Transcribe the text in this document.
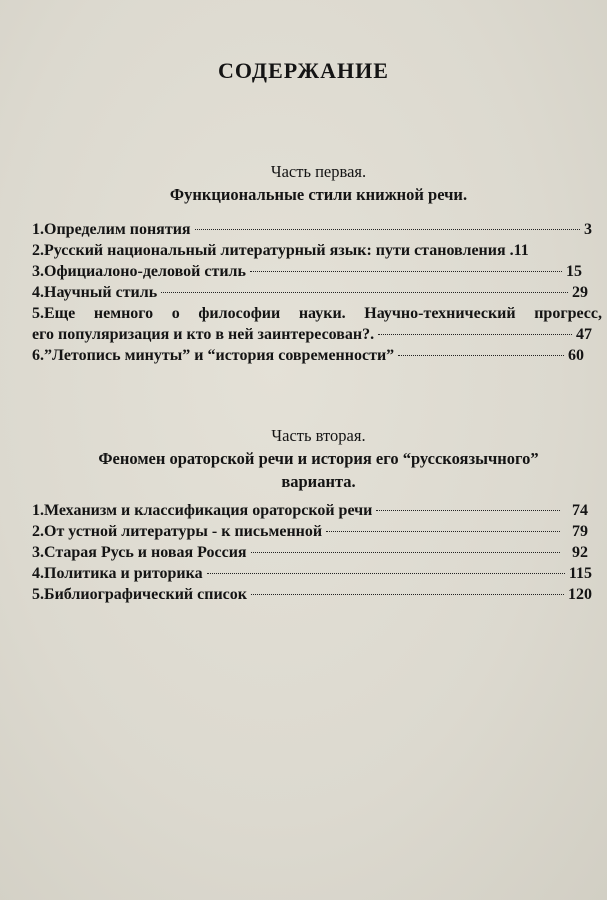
СОДЕРЖАНИЕ
Часть первая.
Функциональные стили книжной речи.
1.Определим понятия	3
2.Русский национальный литературный язык: пути становления . 11
3.Официалоно-деловой стиль	15
4.Научный стиль	29
5.Еще немного о философии науки. Научно-технический прогресс,
его популяризация и кто в ней заинтересован?.	47
6.”Летопись минуты” и “история современности”	60
Часть вторая.
Феномен ораторской речи и история его “русскоязычного”
варианта.
1.Механизм и классификация ораторской речи	74
2.От устной литературы - к письменной	79
3.Старая Русь и новая Россия	92
4.Политика и риторика	115
5.Библиографический список	120
